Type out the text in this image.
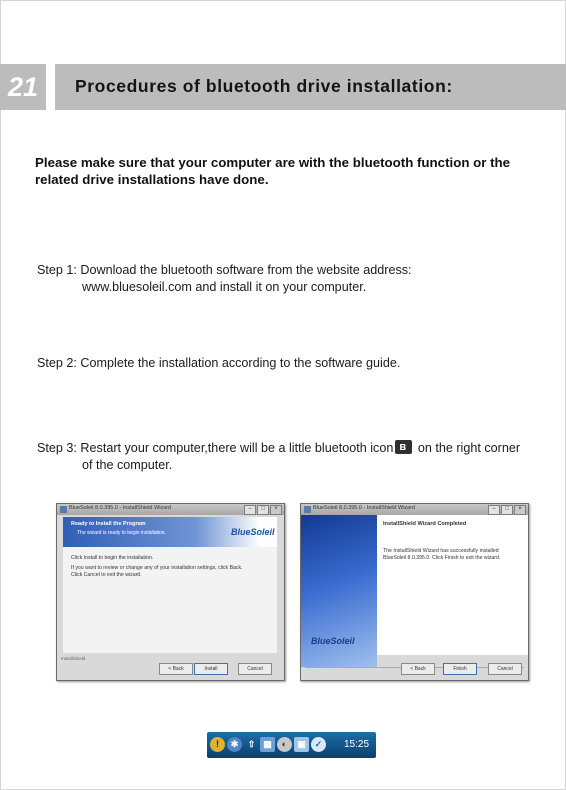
21	Procedures of bluetooth drive installation:
Please make sure that your computer are with the bluetooth function or the related drive installations have done.
Step 1: Download the bluetooth software from the website address:
www.bluesoleil.com and install it on your computer.
Step 2: Complete the installation according to the software guide.
Step 3: Restart your computer,there will be a little bluetooth iconʙ on the right corner
of the computer.
BlueSoleil 8.0.395.0 - InstallShield Wizard	–	□	×
Ready to Install the Program
The wizard is ready to begin installation.	BlueSoleil
Click Install to begin the installation.
If you want to review or change any of your installation settings, click Back. Click Cancel to exit the wizard.
InstallShield
< Back	Install	Cancel
BlueSoleil 8.0.395.0 - InstallShield Wizard	–	□	×
BlueSoleil
InstallShield Wizard Completed
The InstallShield Wizard has successfully installed BlueSoleil 8.0.395.0. Click Finish to exit the wizard.
< Back	Finish	Cancel
!	✱	⇧ ▦	◐	▣ ✓	15:25
